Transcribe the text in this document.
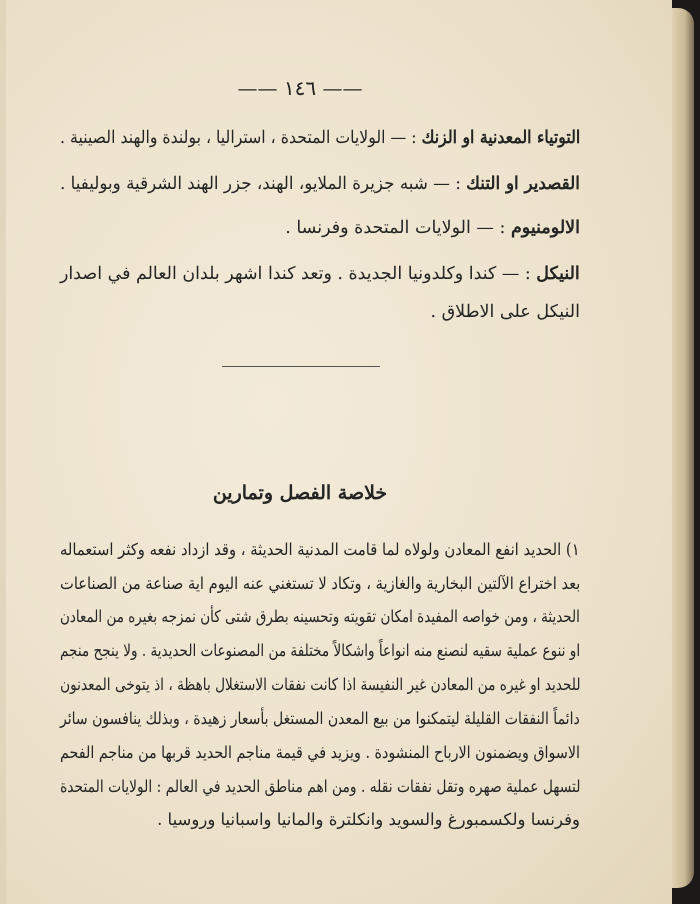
—— ١٤٦ ——
التوتياء المعدنية او الزنك : — الولايات المتحدة ، استراليا ، بولندة والهند الصينية .
القصدير او التنك : — شبه جزيرة الملايو، الهند، جزر الهند الشرقية وبوليفيا .
الالومنيوم : — الولايات المتحدة وفرنسا .
النيكل : — كندا وكلدونيا الجديدة . وتعد كندا اشهر بلدان العالم في اصدار
النيكل على الاطلاق .
خلاصة الفصل وتمارين
١) الحديد انفع المعادن ولولاه لما قامت المدنية الحديثة ، وقد ازداد نفعه وكثر استعماله
بعد اختراع الآلتين البخارية والغازية ، وتكاد لا تستغني عنه اليوم اية صناعة من الصناعات
الحديثة ، ومن خواصه المفيدة امكان تقويته وتحسينه بطرق شتى كأن نمزجه بغيره من المعادن
او ننوع عملية سقيه لنصنع منه انواعاً واشكالاً مختلفة من المصنوعات الحديدية . ولا ينجح منجم
للحديد او غيره من المعادن غير النفيسة اذا كانت نفقات الاستغلال باهظة ، اذ يتوخى المعدنون
دائماً النفقات القليلة ليتمكنوا من بيع المعدن المستغل بأسعار زهيدة ، وبذلك ينافسون سائر
الاسواق ويضمنون الارباح المنشودة . ويزيد في قيمة مناجم الحديد قربها من مناجم الفحم
لتسهل عملية صهره وتقل نفقات نقله . ومن اهم مناطق الحديد في العالم : الولايات المتحدة
وفرنسا ولكسمبورغ والسويد وانكلترة والمانيا واسبانيا وروسيا .
